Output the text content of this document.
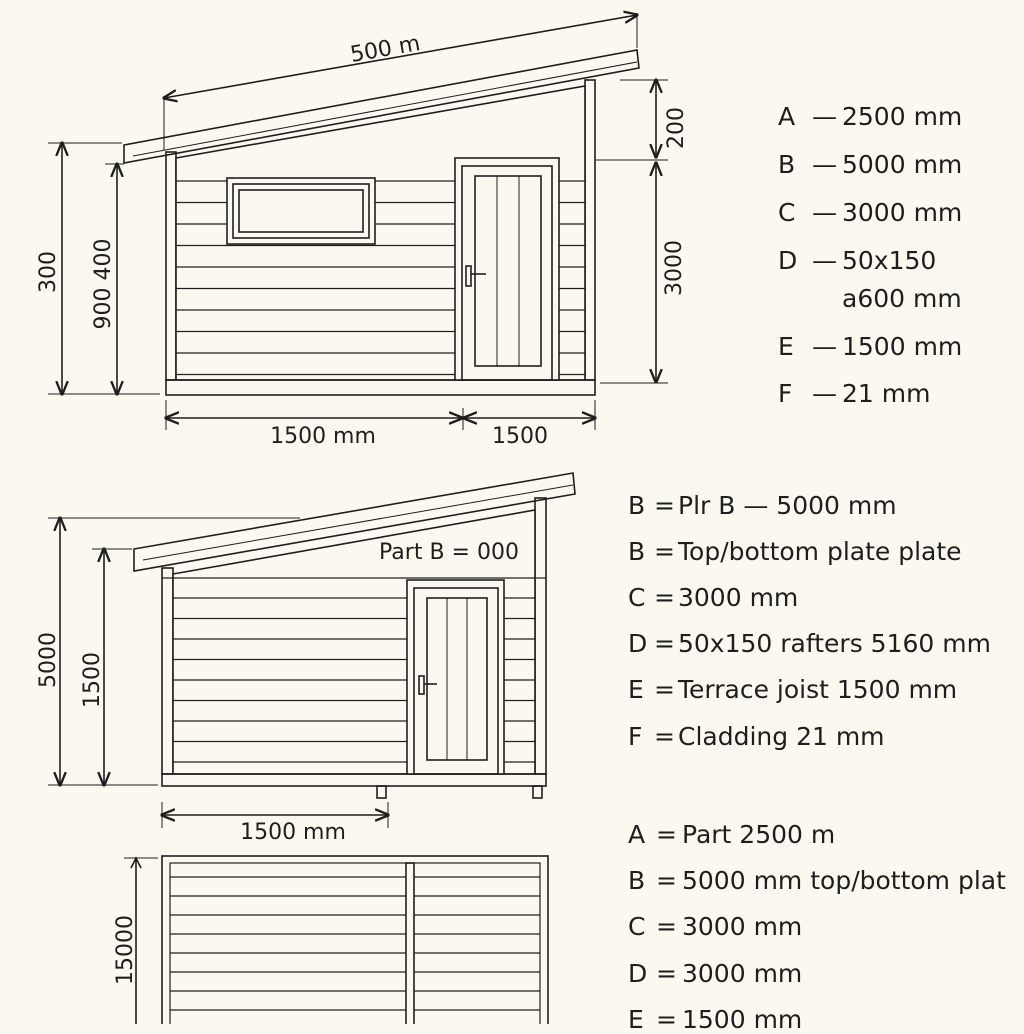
500 m
300 900 400
200
3000
1500 mm	1500
Part B = 000
5000 1500
1500 mm
15000
A — 2500 mm
B — 5000 mm
C — 3000 mm
D — 50x150
a600 mm
E — 1500 mm
F — 21 mm
B = Plr B — 5000 mm
B = Top/bottom plate plate
C = 3000 mm
D = 50x150 rafters 5160 mm
E = Terrace joist 1500 mm
F = Cladding 21 mm
A = Part 2500 m
B = 5000 mm top/bottom plat
C = 3000 mm
D = 3000 mm
E = 1500 mm
